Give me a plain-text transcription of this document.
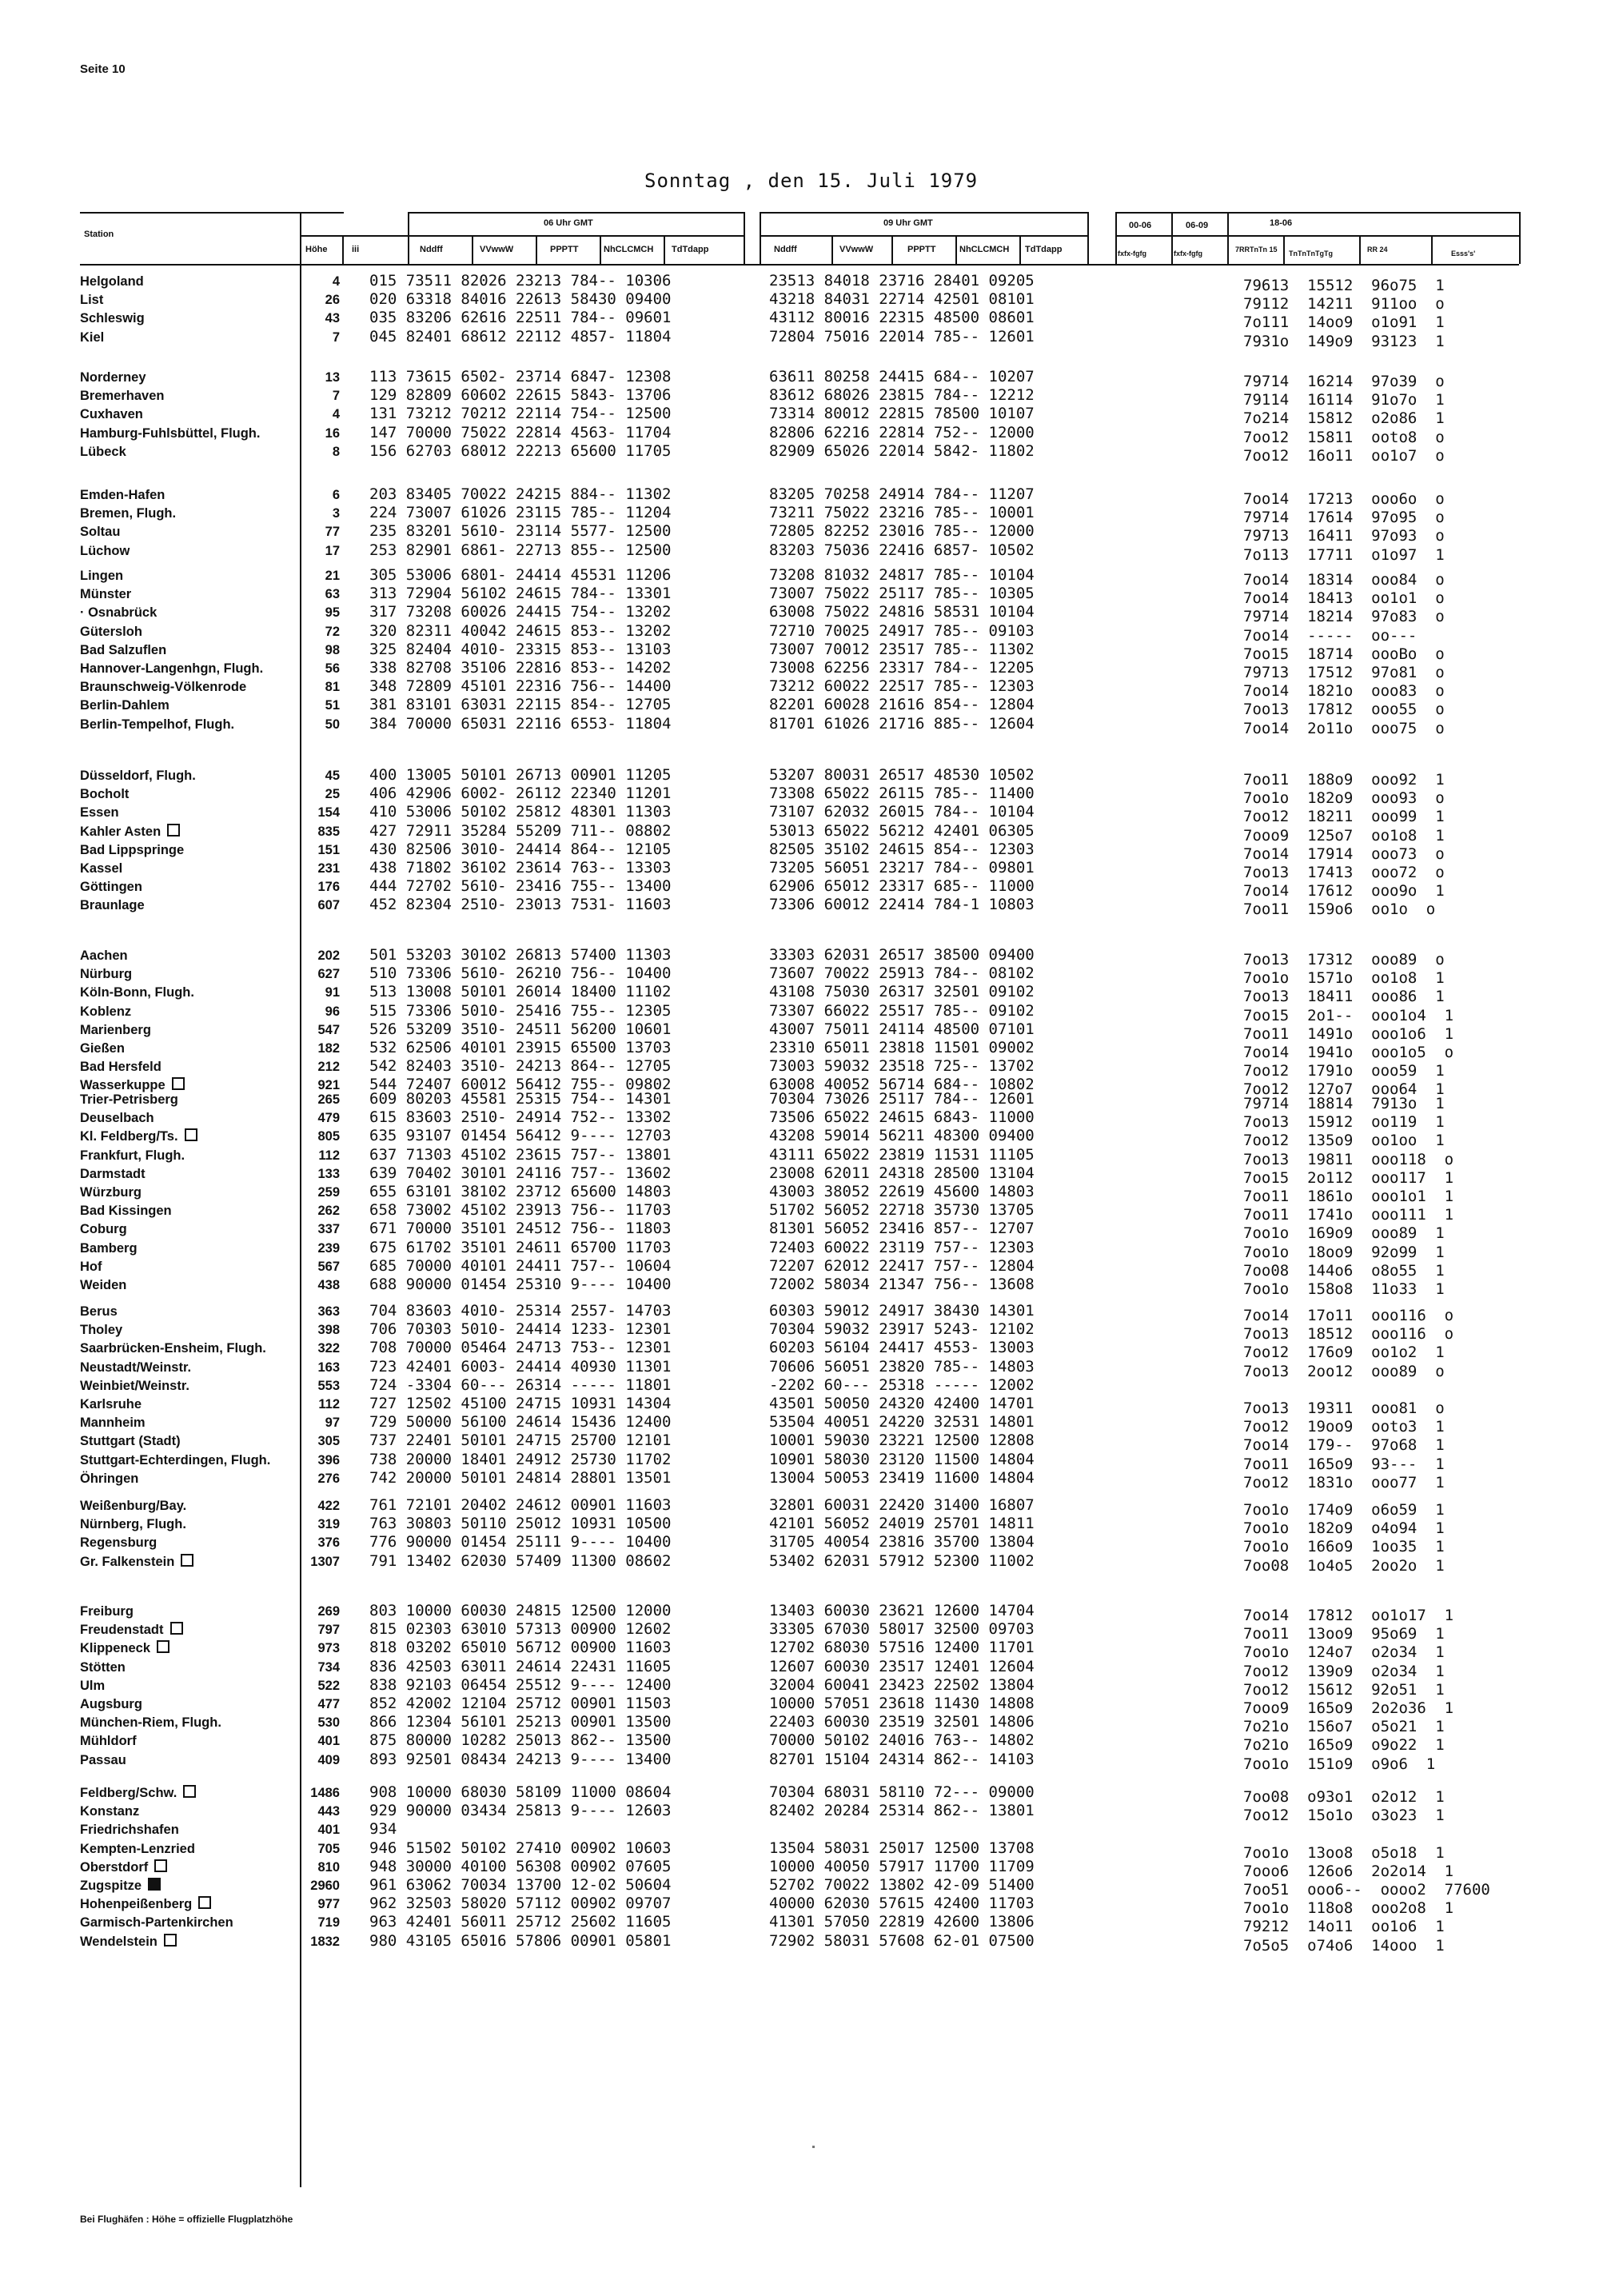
Seite 10
Sonntag , den 15. Juli 1979
Station
Höhe	iii
06 Uhr GMT	09 Uhr GMT
Nddff	VVwwW	PPPTT	NhCLCMCH TdTdapp	Nddff	VVwwW	PPPTT	NhCLCMCH TdTdapp
00-06	06-09	18-06
fxfx-fgfg	fxfx-fgfg	7RRTnTn 15 TnTnTnTgTg	RR 24	Esss's'
Helgoland	4 015 73511 82026 23213 784-- 10306	23513 84018 23716 28401 09205	79613  15512  96o75  1
List	26 020 63318 84016 22613 58430 09400	43218 84031 22714 42501 08101	79112  14211  911oo  o
Schleswig	43 035 83206 62616 22511 784-- 09601	43112 80016 22315 48500 08601	7o111  14oo9  o1o91  1
Kiel	7 045 82401 68612 22112 4857- 11804	72804 75016 22014 785-- 12601	7931o  149o9  93123  1
Norderney	13 113 73615 6502- 23714 6847- 12308	63611 80258 24415 684-- 10207	79714  16214  97o39  o
Bremerhaven	7 129 82809 60602 22615 5843- 13706	83612 68026 23815 784-- 12212	79114  16114  91o7o  1
Cuxhaven	4 131 73212 70212 22114 754-- 12500	73314 80012 22815 78500 10107	7o214  15812  o2o86  1
Hamburg-Fuhlsbüttel, Flugh.	16 147 70000 75022 22814 4563- 11704	82806 62216 22814 752-- 12000	7oo12  15811  ooto8  o
Lübeck	8 156 62703 68012 22213 65600 11705	82909 65026 22014 5842- 11802	7oo12  16o11  oo1o7  o
Emden-Hafen	6 203 83405 70022 24215 884-- 11302	83205 70258 24914 784-- 11207	7oo14  17213  ooo6o  o
Bremen, Flugh.	3 224 73007 61026 23115 785-- 11204	73211 75022 23216 785-- 10001	79714  17614  97o95  o
Soltau	77 235 83201 5610- 23114 5577- 12500	72805 82252 23016 785-- 12000	79713  16411  97o93  o
Lüchow	17 253 82901 6861- 22713 855-- 12500	83203 75036 22416 6857- 10502	7o113  17711  o1o97  1
Lingen	21 305 53006 6801- 24414 45531 11206	73208 81032 24817 785-- 10104	7oo14  18314  ooo84  o
Münster	63 313 72904 56102 24615 784-- 13301	73007 75022 25117 785-- 10305	7oo14  18413  oo1o1  o
· Osnabrück	95 317 73208 60026 24415 754-- 13202	63008 75022 24816 58531 10104	79714  18214  97o83  o
Gütersloh	72 320 82311 40042 24615 853-- 13202	72710 70025 24917 785-- 09103	7oo14  -----  oo---
Bad Salzuflen	98 325 82404 4010- 23315 853-- 13103	73007 70012 23517 785-- 11302	7oo15  18714  oooBo  o
Hannover-Langenhgn, Flugh.	56 338 82708 35106 22816 853-- 14202	73008 62256 23317 784-- 12205	79713  17512  97o81  o
Braunschweig-Völkenrode	81 348 72809 45101 22316 756-- 14400	73212 60022 22517 785-- 12303	7oo14  1821o  ooo83  o
Berlin-Dahlem	51 381 83101 63031 22115 854-- 12705	82201 60028 21616 854-- 12804	7oo13  17812  ooo55  o
Berlin-Tempelhof, Flugh.	50 384 70000 65031 22116 6553- 11804	81701 61026 21716 885-- 12604	7oo14  2o11o  ooo75  o
Düsseldorf, Flugh.	45 400 13005 50101 26713 00901 11205	53207 80031 26517 48530 10502	7oo11  188o9  ooo92  1
Bocholt	25 406 42906 6002- 26112 22340 11201	73308 65022 26115 785-- 11400	7oo1o  182o9  ooo93  o
Essen	154 410 53006 50102 25812 48301 11303	73107 62032 26015 784-- 10104	7oo12  18211  ooo99  1
Kahler Asten	835 427 72911 35284 55209 711-- 08802	53013 65022 56212 42401 06305	7ooo9  125o7  oo1o8  1
Bad Lippspringe	151 430 82506 3010- 24414 864-- 12105	82505 35102 24615 854-- 12303	7oo14  17914  ooo73  o
Kassel	231 438 71802 36102 23614 763-- 13303	73205 56051 23217 784-- 09801	7oo13  17413  ooo72  o
Göttingen	176 444 72702 5610- 23416 755-- 13400	62906 65012 23317 685-- 11000	7oo14  17612  ooo9o  1
Braunlage	607 452 82304 2510- 23013 7531- 11603	73306 60012 22414 784-1 10803	7oo11  159o6  oo1o  o
Aachen	202 501 53203 30102 26813 57400 11303	33303 62031 26517 38500 09400	7oo13  17312  ooo89  o
Nürburg	627 510 73306 5610- 26210 756-- 10400	73607 70022 25913 784-- 08102	7oo1o  1571o  oo1o8  1
Köln-Bonn, Flugh.	91 513 13008 50101 26014 18400 11102	43108 75030 26317 32501 09102	7oo13  18411  ooo86  1
Koblenz	96 515 73306 5010- 25416 755-- 12305	73307 66022 25517 785-- 09102	7oo15  2o1--  ooo1o4  1
Marienberg	547 526 53209 3510- 24511 56200 10601	43007 75011 24114 48500 07101	7oo11  1491o  ooo1o6  1
Gießen	182 532 62506 40101 23915 65500 13703	23310 65011 23818 11501 09002	7oo14  1941o  ooo1o5  o
Bad Hersfeld	212 542 82403 3510- 24213 864-- 12705	73003 59032 23518 725-- 13702	7oo12  1791o  ooo59  1
Wasserkuppe	921 544 72407 60012 56412 755-- 09802	63008 40052 56714 684-- 10802	7oo12  127o7  ooo64  1
Trier-Petrisberg	265 609 80203 45581 25315 754-- 14301	70304 73026 25117 784-- 12601	79714  18814  7913o  1
Deuselbach	479 615 83603 2510- 24914 752-- 13302	73506 65022 24615 6843- 11000	7oo13  15912  oo119  1
Kl. Feldberg/Ts.	805 635 93107 01454 56412 9---- 12703	43208 59014 56211 48300 09400	7oo12  135o9  oo1oo  1
Frankfurt, Flugh.	112 637 71303 45102 23615 757-- 13801	43111 65022 23819 11531 11105	7oo13  19811  ooo118  o
Darmstadt	133 639 70402 30101 24116 757-- 13602	23008 62011 24318 28500 13104	7oo15  2o112  ooo117  1
Würzburg	259 655 63101 38102 23712 65600 14803	43003 38052 22619 45600 14803	7oo11  1861o  ooo1o1  1
Bad Kissingen	262 658 73002 45102 23913 756-- 11703	51702 56052 22718 35730 13705	7oo11  1741o  ooo111  1
Coburg	337 671 70000 35101 24512 756-- 11803	81301 56052 23416 857-- 12707	7oo1o  169o9  ooo89  1
Bamberg	239 675 61702 35101 24611 65700 11703	72403 60022 23119 757-- 12303	7oo1o  18oo9  92o99  1
Hof	567 685 70000 40101 24411 757-- 10604	72207 62012 22417 757-- 12804	7oo08  144o6  o8o55  1
Weiden	438 688 90000 01454 25310 9---- 10400	72002 58034 21347 756-- 13608	7oo1o  158o8  11o33  1
Berus	363 704 83603 4010- 25314 2557- 14703	60303 59012 24917 38430 14301	7oo14  17o11  ooo116  o
Tholey	398 706 70303 5010- 24414 1233- 12301	70304 59032 23917 5243- 12102	7oo13  18512  ooo116  o
Saarbrücken-Ensheim, Flugh.	322 708 70000 05464 24713 753-- 12301	60203 56104 24417 4553- 13003	7oo12  176o9  oo1o2  1
Neustadt/Weinstr.	163 723 42401 6003- 24414 40930 11301	70606 56051 23820 785-- 14803	7oo13  2oo12  ooo89  o
Weinbiet/Weinstr.	553 724 -3304 60--- 26314 ----- 11801	-2202 60--- 25318 ----- 12002
Karlsruhe	112 727 12502 45100 24715 10931 14304	43501 50050 24320 42400 14701	7oo13  19311  ooo81  o
Mannheim	97 729 50000 56100 24614 15436 12400	53504 40051 24220 32531 14801	7oo12  19oo9  ooto3  1
Stuttgart (Stadt)	305 737 22401 50101 24715 25700 12101	10001 59030 23221 12500 12808	7oo14  179--  97o68  1
Stuttgart-Echterdingen, Flugh.	396 738 20000 18401 24912 25730 11702	10901 58030 23120 11500 14804	7oo11  165o9  93---  1
Öhringen	276 742 20000 50101 24814 28801 13501	13004 50053 23419 11600 14804	7oo12  1831o  ooo77  1
Weißenburg/Bay.	422 761 72101 20402 24612 00901 11603	32801 60031 22420 31400 16807	7oo1o  174o9  o6o59  1
Nürnberg, Flugh.	319 763 30803 50110 25012 10931 10500	42101 56052 24019 25701 14811	7oo1o  182o9  o4o94  1
Regensburg	376 776 90000 01454 25111 9---- 10400	31705 40054 23816 35700 13804	7oo1o  166o9  1oo35  1
Gr. Falkenstein	1307 791 13402 62030 57409 11300 08602	53402 62031 57912 52300 11002	7oo08  1o4o5  2oo2o  1
Freiburg	269 803 10000 60030 24815 12500 12000	13403 60030 23621 12600 14704	7oo14  17812  oo1o17  1
Freudenstadt	797 815 02303 63010 57313 00900 12602	33305 67030 58017 32500 09703	7oo11  13oo9  95o69  1
Klippeneck	973 818 03202 65010 56712 00900 11603	12702 68030 57516 12400 11701	7oo1o  124o7  o2o34  1
Stötten	734 836 42503 63011 24614 22431 11605	12607 60030 23517 12401 12604	7oo12  139o9  o2o34  1
Ulm	522 838 92103 06454 25512 9---- 12400	32004 60041 23423 22502 13804	7oo12  15612  92o51  1
Augsburg	477 852 42002 12104 25712 00901 11503	10000 57051 23618 11430 14808	7ooo9  165o9  2o2o36  1
München-Riem, Flugh.	530 866 12304 56101 25213 00901 13500	22403 60030 23519 32501 14806	7o21o  156o7  o5o21  1
Mühldorf	401 875 80000 10282 25013 862-- 13500	70000 50102 24016 763-- 14802	7o21o  165o9  o9o22  1
Passau	409 893 92501 08434 24213 9---- 13400	82701 15104 24314 862-- 14103	7oo1o  151o9  o9o6  1
Feldberg/Schw.	1486 908 10000 68030 58109 11000 08604	70304 68031 58110 72--- 09000	7oo08  o93o1  o2o12  1
Konstanz	443 929 90000 03434 25813 9---- 12603	82402 20284 25314 862-- 13801	7oo12  15o1o  o3o23  1
Friedrichshafen	401 934
Kempten-Lenzried	705 946 51502 50102 27410 00902 10603	13504 58031 25017 12500 13708	7oo1o  13oo8  o5o18  1
Oberstdorf	810 948 30000 40100 56308 00902 07605	10000 40050 57917 11700 11709	7ooo6  126o6  2o2o14  1
Zugspitze	2960 961 63062 70034 13700 12-02 50604	52702 70022 13802 42-09 51400	7oo51  ooo6--  oooo2  77600
Hohenpeißenberg	977 962 32503 58020 57112 00902 09707	40000 62030 57615 42400 11703	7oo1o  118o8  ooo2o8  1
Garmisch-Partenkirchen	719 963 42401 56011 25712 25602 11605	41301 57050 22819 42600 13806	79212  14o11  oo1o6  1
Wendelstein	1832 980 43105 65016 57806 00901 05801	72902 58031 57608 62-01 07500	7o5o5  o74o6  14ooo  1
Bei Flughäfen : Höhe = offizielle Flugplatzhöhe
